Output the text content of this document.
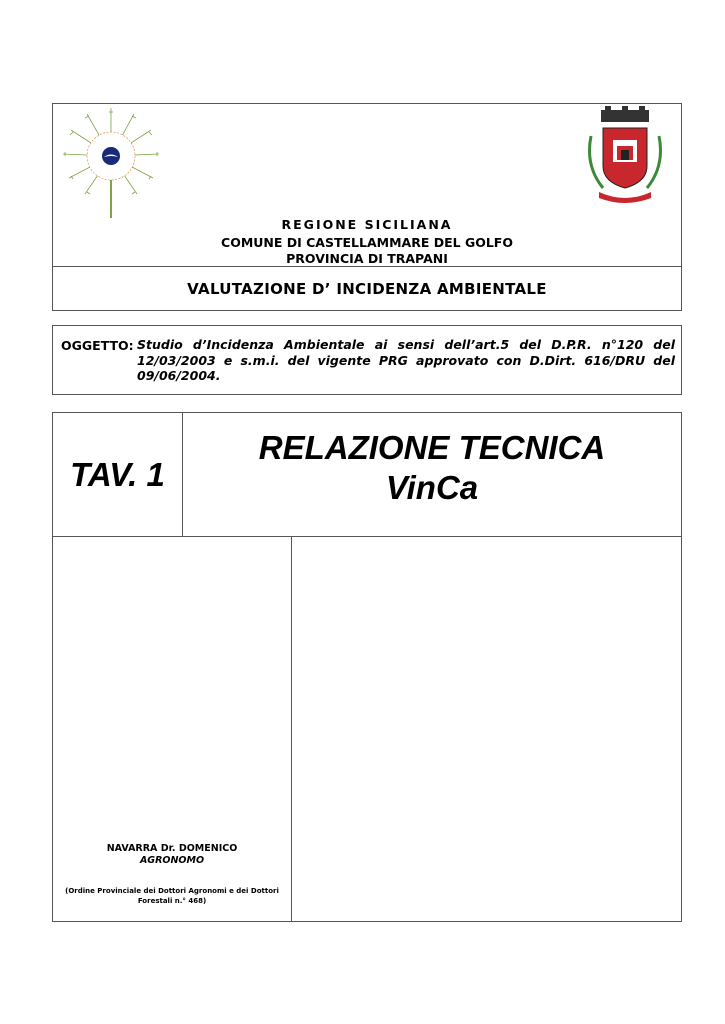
REGIONE SICILIANA
COMUNE DI CASTELLAMMARE DEL GOLFO
PROVINCIA DI TRAPANI
VALUTAZIONE D’ INCIDENZA AMBIENTALE
OGGETTO: Studio d’Incidenza Ambientale ai sensi dell’art.5 del D.P.R. n°120 del 12/03/2003 e s.m.i. del vigente PRG approvato con D.Dirt. 616/DRU del 09/06/2004.
TAV. 1
RELAZIONE TECNICA
VinCa
NAVARRA Dr. DOMENICO
AGRONOMO
(Ordine Provinciale dei Dottori Agronomi e dei Dottori Forestali n.° 468)
